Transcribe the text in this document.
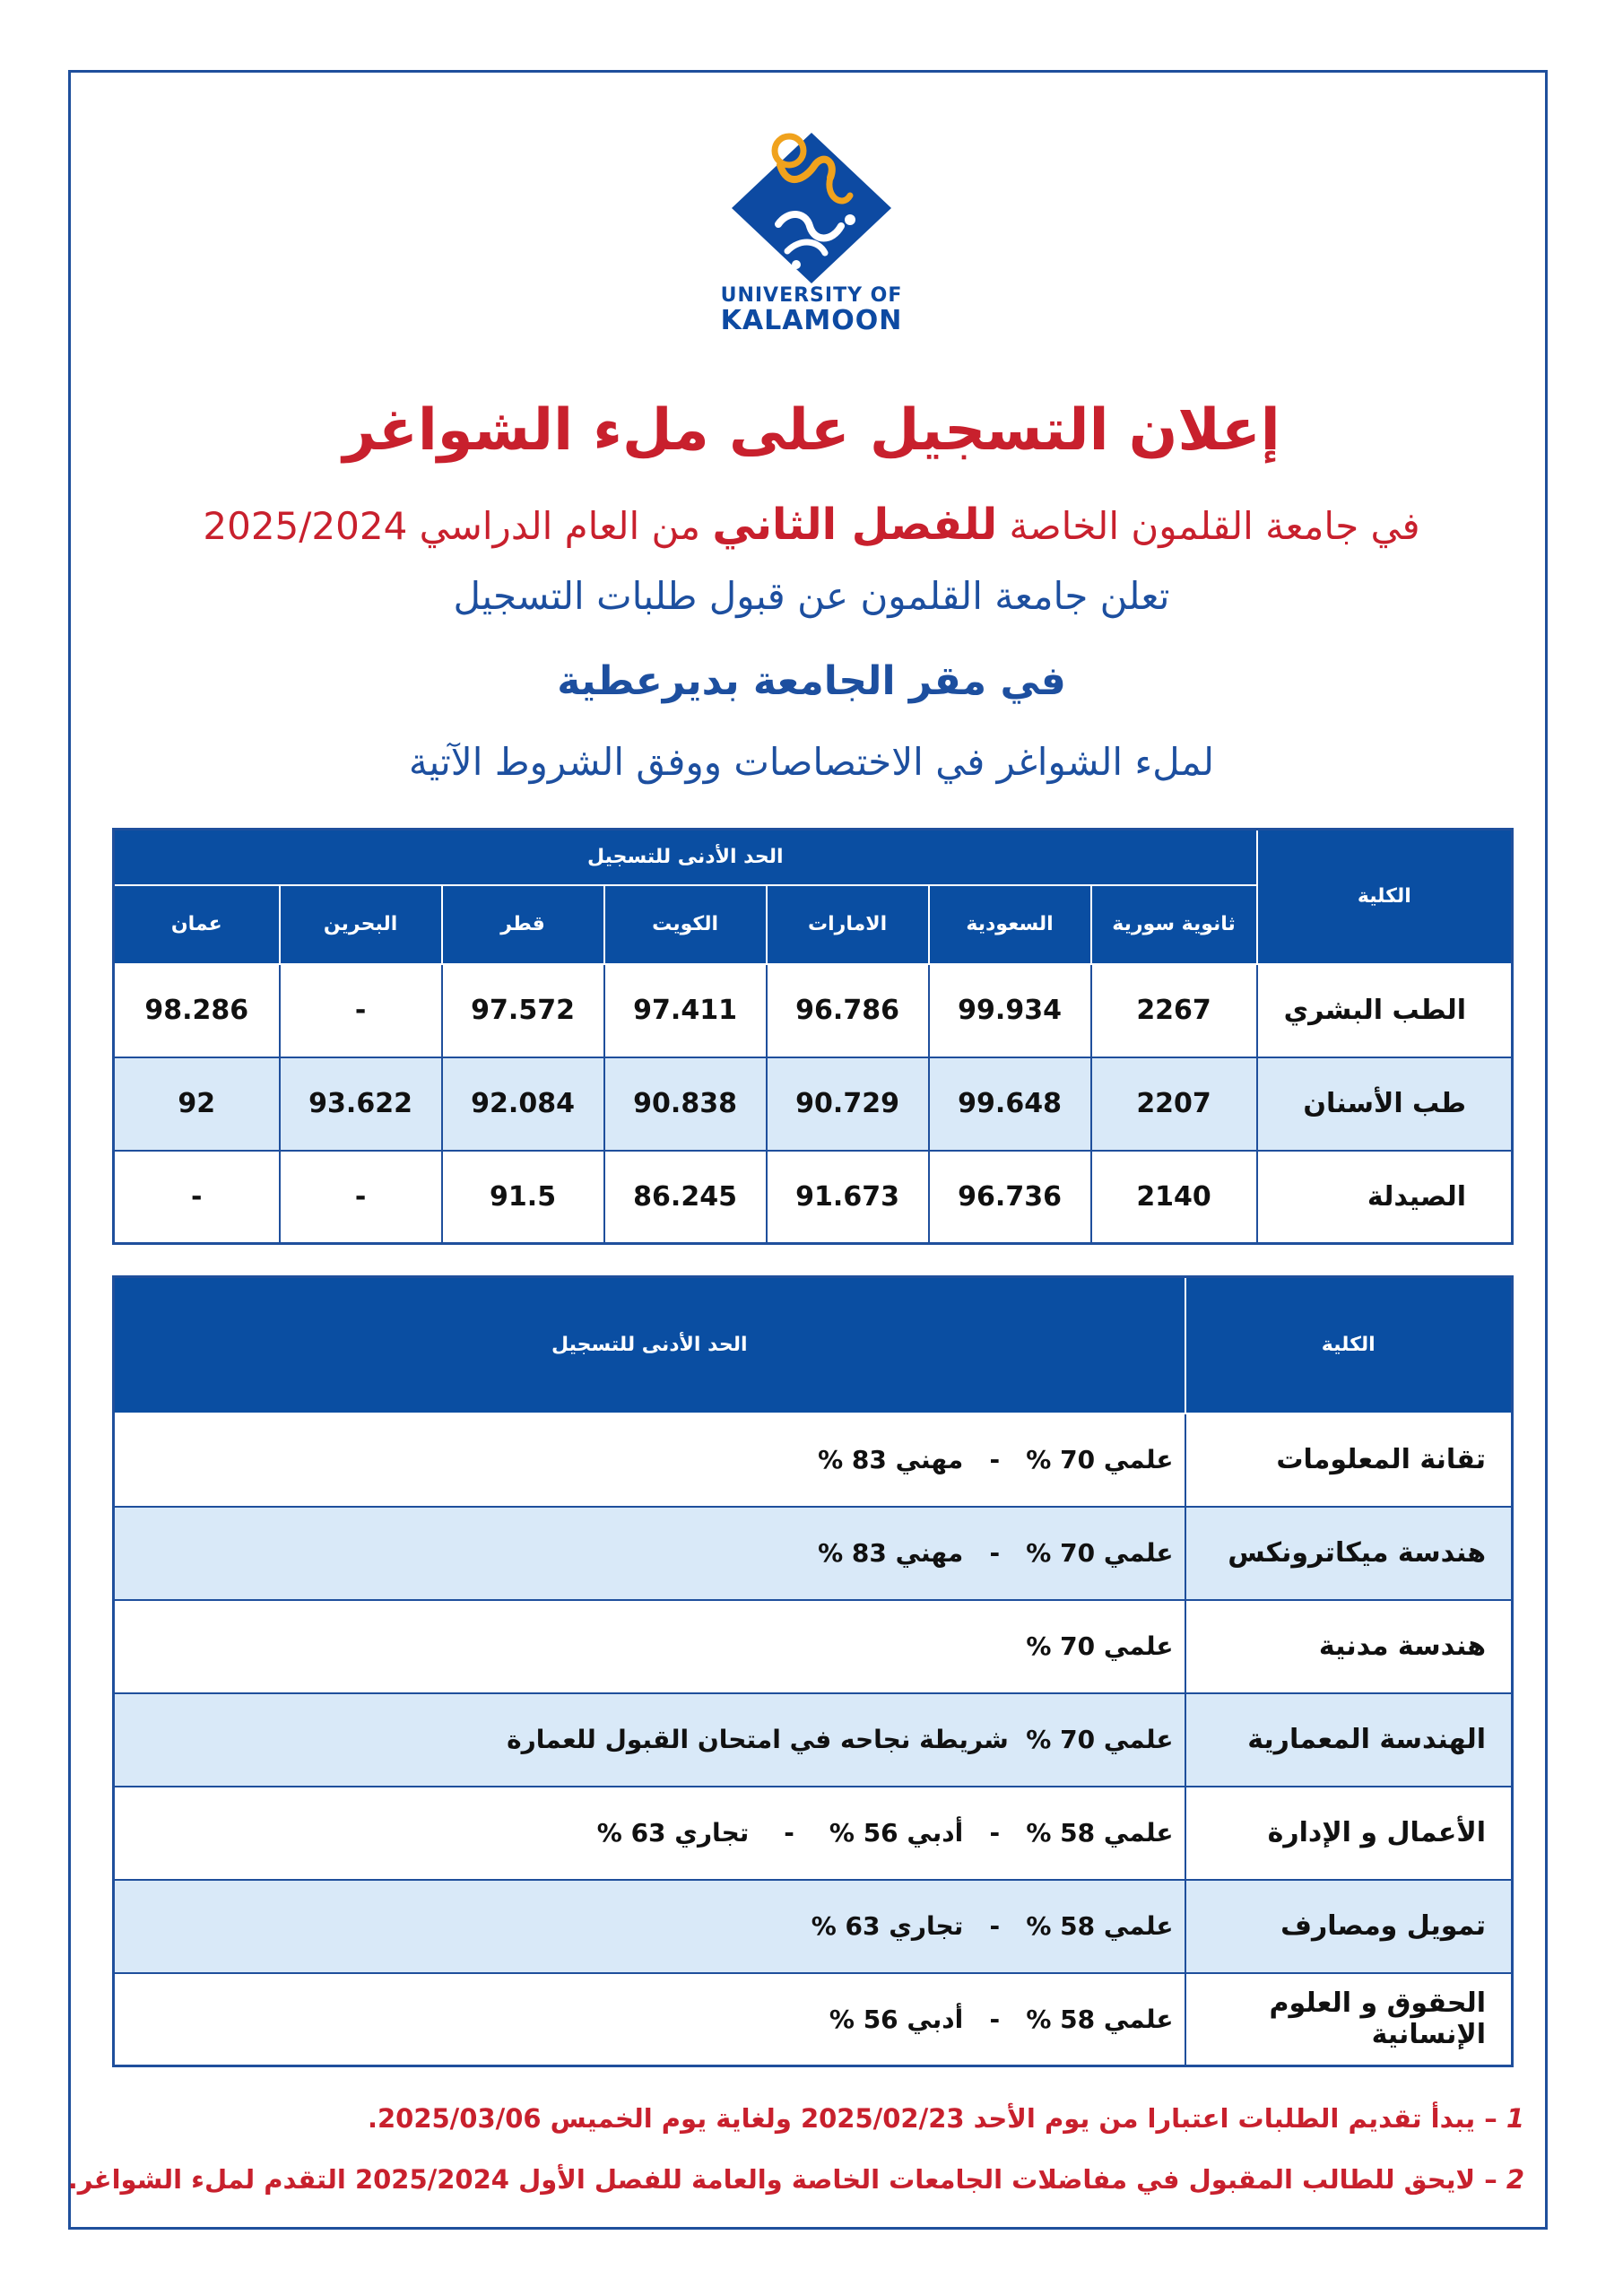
UNIVERSITY OF
KALAMOON
إعلان التسجيل على ملء الشواغر
في جامعة القلمون الخاصة للفصل الثاني من العام الدراسي 2025/2024
تعلن جامعة القلمون عن قبول طلبات التسجيل
في مقر الجامعة بديرعطية
لملء الشواغر في الاختصاصات ووفق الشروط الآتية
الكلية	الحد الأدنى للتسجيل						
	ثانوية سورية	السعودية	الامارات	الكويت	قطر	البحرين	عمان
الطب البشري	2267	99.934	96.786	97.411	97.572	-	98.286
طب الأسنان	2207	99.648	90.729	90.838	92.084	93.622	92
الصيدلة	2140	96.736	91.673	86.245	91.5	-	-
الكلية	الحد الأدنى للتسجيل
تقانة المعلومات	علمي 70 %   -   مهني 83 %
هندسة ميكاترونكس	علمي 70 %   -   مهني 83 %
هندسة مدنية	علمي 70 %
الهندسة المعمارية	علمي 70 %  شريطة نجاحه في امتحان القبول للعمارة
الأعمال و الإدارة	علمي 58 %   -   أدبي 56 %    -    تجاري 63 %
تمويل ومصارف	علمي 58 %   -   تجاري 63 %
الحقوق و العلوم الإنسانية	علمي 58 %   -   أدبي 56 %
1 – يبدأ تقديم الطلبات اعتبارا من يوم الأحد 2025/02/23 ولغاية يوم الخميس 2025/03/06.
2 – لايحق للطالب المقبول في مفاضلات الجامعات الخاصة والعامة للفصل الأول 2025/2024 التقدم لملء الشواغر.
